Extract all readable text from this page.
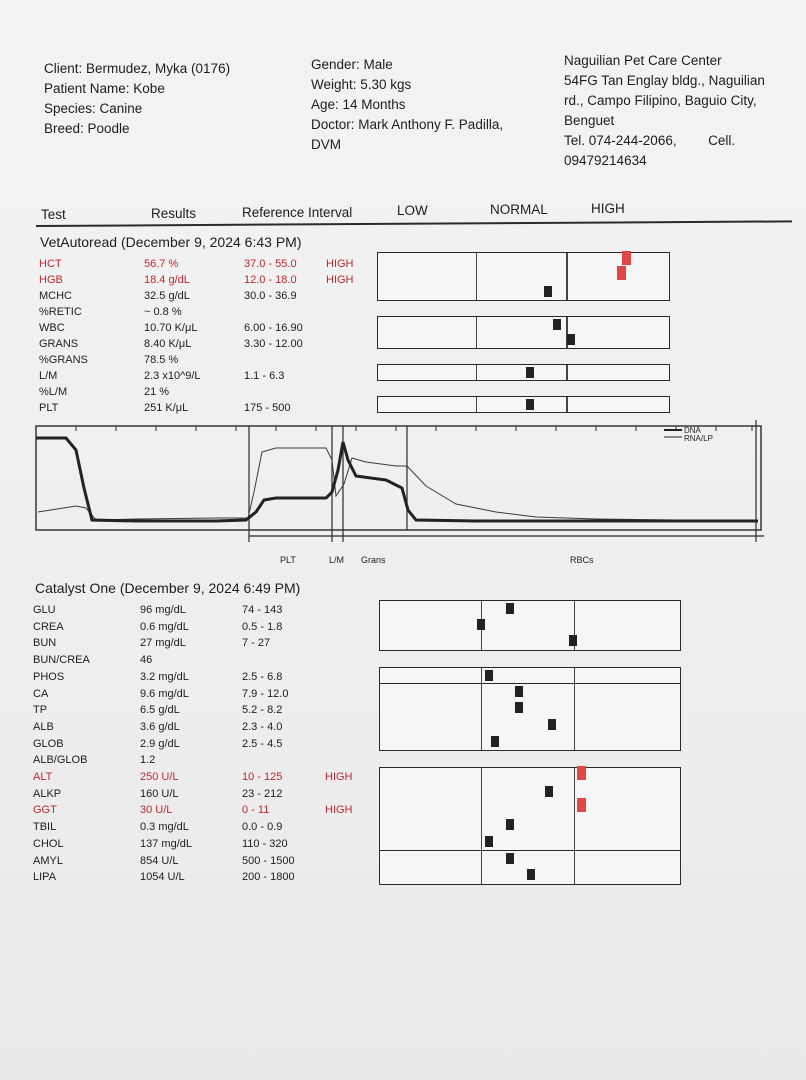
Client: Bermudez, Myka (0176)
Patient Name: Kobe
Species: Canine
Breed: Poodle
Gender: Male
Weight: 5.30 kgs
Age: 14 Months
Doctor: Mark Anthony F. Padilla,
DVM
Naguilian Pet Care Center
54FG Tan Englay bldg., Naguilian
rd., Campo Filipino, Baguio City,
Benguet
Tel. 074-244-2066, Cell.
09479214634
Test	Results	Reference Interval	LOW	NORMAL	HIGH
VetAutoread (December 9, 2024 6:43 PM)
HCT	56.7 %	37.0 - 55.0	HIGH
HGB	18.4 g/dL	12.0 - 18.0	HIGH
MCHC	32.5 g/dL	30.0 - 36.9
%RETIC	~ 0.8 %
WBC	10.70 K/μL	6.00 - 16.90
GRANS	8.40 K/μL	3.30 - 12.00
%GRANS	78.5 %
L/M	2.3 x10^9/L	1.1 - 6.3
%L/M	21 %
PLT	251 K/μL	175 - 500
DNA
RNA/LP
PLT	L/M Grans	RBCs
Catalyst One (December 9, 2024 6:49 PM)
GLU	96 mg/dL	74 - 143
CREA	0.6 mg/dL	0.5 - 1.8
BUN	27 mg/dL	7 - 27
BUN/CREA	46
PHOS	3.2 mg/dL	2.5 - 6.8
CA	9.6 mg/dL	7.9 - 12.0
TP	6.5 g/dL	5.2 - 8.2
ALB	3.6 g/dL	2.3 - 4.0
GLOB	2.9 g/dL	2.5 - 4.5
ALB/GLOB	1.2
ALT	250 U/L	10 - 125	HIGH
ALKP	160 U/L	23 - 212
GGT	30 U/L	0 - 11	HIGH
TBIL	0.3 mg/dL	0.0 - 0.9
CHOL	137 mg/dL	110 - 320
AMYL	854 U/L	500 - 1500
LIPA	1054 U/L	200 - 1800
